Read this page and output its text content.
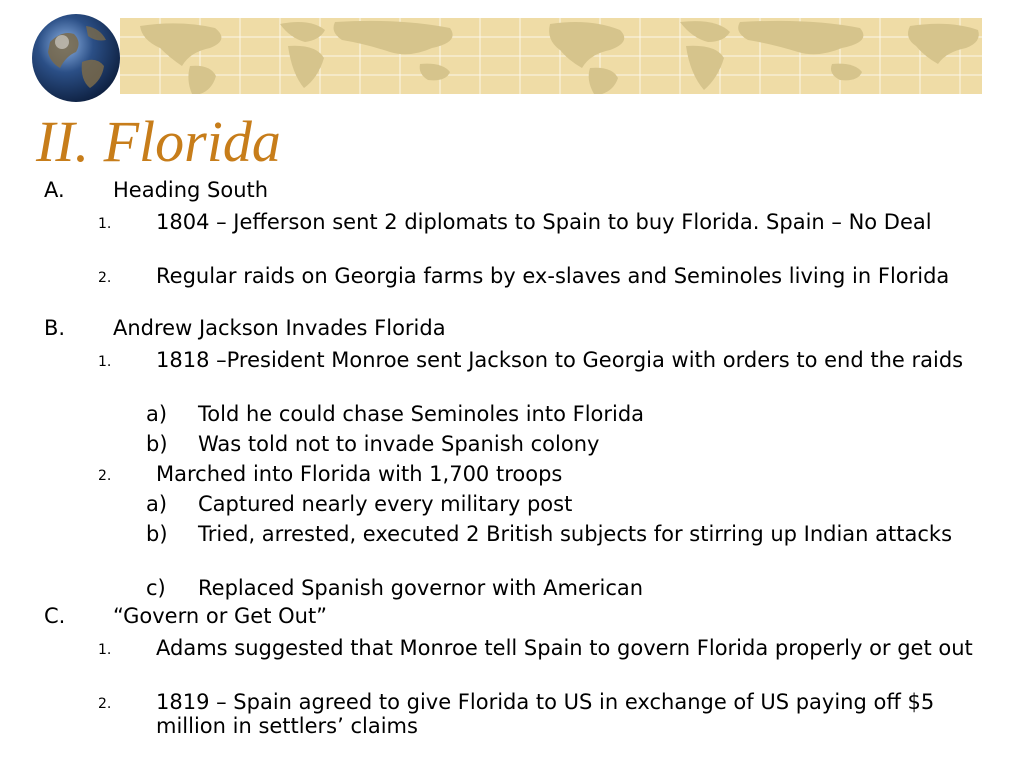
II. Florida
A. Heading South
1. 1804 – Jefferson sent 2 diplomats to Spain to buy Florida. Spain – No Deal
2. Regular raids on Georgia farms by ex-slaves and Seminoles living in Florida
B. Andrew Jackson Invades Florida
1. 1818 –President Monroe sent Jackson to Georgia with orders to end the raids
a) Told he could chase Seminoles into Florida
b) Was told not to invade Spanish colony
2. Marched into Florida with 1,700 troops
a) Captured nearly every military post
b) Tried, arrested, executed 2 British subjects for stirring up Indian attacks
c) Replaced Spanish governor with American
C. “Govern or Get Out”
1. Adams suggested that Monroe tell Spain to govern Florida properly or get out
2. 1819 – Spain agreed to give Florida to US in exchange of US paying off $5 million in settlers’ claims
